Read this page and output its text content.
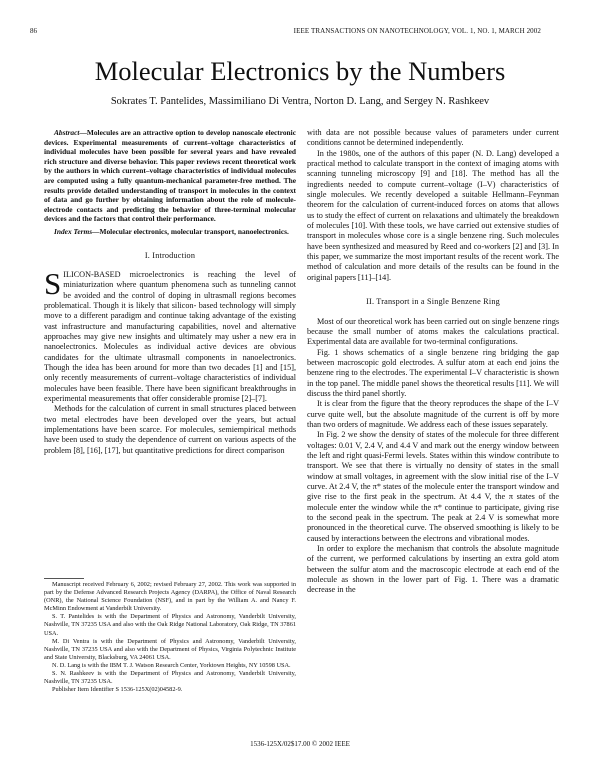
86	IEEE TRANSACTIONS ON NANOTECHNOLOGY, VOL. 1, NO. 1, MARCH 2002
Molecular Electronics by the Numbers
Sokrates T. Pantelides, Massimiliano Di Ventra, Norton D. Lang, and Sergey N. Rashkeev

Abstract—Molecules are an attractive option to develop nanoscale electronic devices. Experimental measurements of current–voltage characteristics of individual molecules have been possible for several years and have revealed rich structure and diverse behavior. This paper reviews recent theoretical work by the authors in which current–voltage characteristics of individual molecules are computed using a fully quantum-mechanical parameter-free method. The results provide detailed understanding of transport in molecules in the context of data and go further by obtaining information about the role of molecule-electrode contacts and predicting the behavior of three-terminal molecular devices and the factors that control their performance.

Index Terms—Molecular electronics, molecular transport, nanoelectronics.

I. Introduction

SILICON-BASED microelectronics is reaching the level of miniaturization where quantum phenomena such as tunneling cannot be avoided and the control of doping in ultrasmall regions becomes problematical. Though it is likely that silicon- based technology will simply move to a different paradigm and continue taking advantage of the existing vast infrastructure and manufacturing capabilities, novel and alternative approaches may give new insights and ultimately may usher a new era in nanoelectronics. Molecules as individual active devices are obvious candidates for the ultimate ultrasmall components in nanoelectronics. Though the idea has been around for more than two decades [1] and [15], only recently measurements of current–voltage characteristics of individual molecules have been feasible. There have been significant breakthroughs in experimental measurements that offer considerable promise [2]–[7].

Methods for the calculation of current in small structures placed between two metal electrodes have been developed over the years, but actual implementations have been scarce. For molecules, semiempirical methods have been used to study the dependence of current on various aspects of the problem [8], [16], [17], but quantitative predictions for direct comparison

Manuscript received February 6, 2002; revised February 27, 2002. This work was supported in part by the Defense Advanced Research Projects Agency (DARPA), the Office of Naval Research (ONR), the National Science Foundation (NSF), and in part by the William A. and Nancy F. McMinn Endowment at Vanderbilt University.

S. T. Pantelides is with the Department of Physics and Astronomy, Vanderbilt University, Nashville, TN 37235 USA and also with the Oak Ridge National Laboratory, Oak Ridge, TN 37861 USA.

M. Di Ventra is with the Department of Physics and Astronomy, Vanderbilt University, Nashville, TN 37235 USA and also with the Department of Physics, Virginia Polytechnic Institute and State University, Blacksburg, VA 24061 USA.

N. D. Lang is with the IBM T. J. Watson Research Center, Yorktown Heights, NY 10598 USA.

S. N. Rashkeev is with the Department of Physics and Astronomy, Vanderbilt University, Nashville, TN 37235 USA.

Publisher Item Identifier S 1536-125X(02)04582-9.

with data are not possible because values of parameters under current conditions cannot be determined independently.

In the 1980s, one of the authors of this paper (N. D. Lang) developed a practical method to calculate transport in the context of imaging atoms with scanning tunneling microscopy [9] and [18]. The method has all the ingredients needed to compute current–voltage (I–V) characteristics of single molecules. We recently developed a suitable Hellmann–Feynman theorem for the calculation of current-induced forces on atoms that allows us to study the effect of current on relaxations and ultimately the breakdown of molecules [10]. With these tools, we have carried out extensive studies of transport in molecules whose core is a single benzene ring. Such molecules have been synthesized and measured by Reed and co-workers [2] and [3]. In this paper, we summarize the most important results of the recent work. The method of calculation and more details of the results can be found in the original papers [11]–[14].

II. Transport in a Single Benzene Ring

Most of our theoretical work has been carried out on single benzene rings because the small number of atoms makes the calculations practical. Experimental data are available for two-terminal configurations.

Fig. 1 shows schematics of a single benzene ring bridging the gap between macroscopic gold electrodes. A sulfur atom at each end joins the benzene ring to the electrodes. The experimental I–V characteristic is shown in the top panel. The middle panel shows the theoretical results [11]. We will discuss the third panel shortly.

It is clear from the figure that the theory reproduces the shape of the I–V curve quite well, but the absolute magnitude of the current is off by more than two orders of magnitude. We address each of these issues separately.

In Fig. 2 we show the density of states of the molecule for three different voltages: 0.01 V, 2.4 V, and 4.4 V and mark out the energy window between the left and right quasi-Fermi levels. States within this window contribute to transport. We see that there is virtually no density of states in the small window at small voltages, in agreement with the slow initial rise of the I–V curve. At 2.4 V, the π* states of the molecule enter the transport window and give rise to the first peak in the spectrum. At 4.4 V, the π states of the molecule enter the window while the π* continue to participate, giving rise to the second peak in the spectrum. The peak at 2.4 V is somewhat more pronounced in the theoretical curve. The observed smoothing is likely to be caused by interactions between the electrons and vibrational modes.

In order to explore the mechanism that controls the absolute magnitude of the current, we performed calculations by inserting an extra gold atom between the sulfur atom and the macroscopic electrode at each end of the molecule as shown in the lower part of Fig. 1. There was a dramatic decrease in the

1536-125X/02$17.00 © 2002 IEEE
